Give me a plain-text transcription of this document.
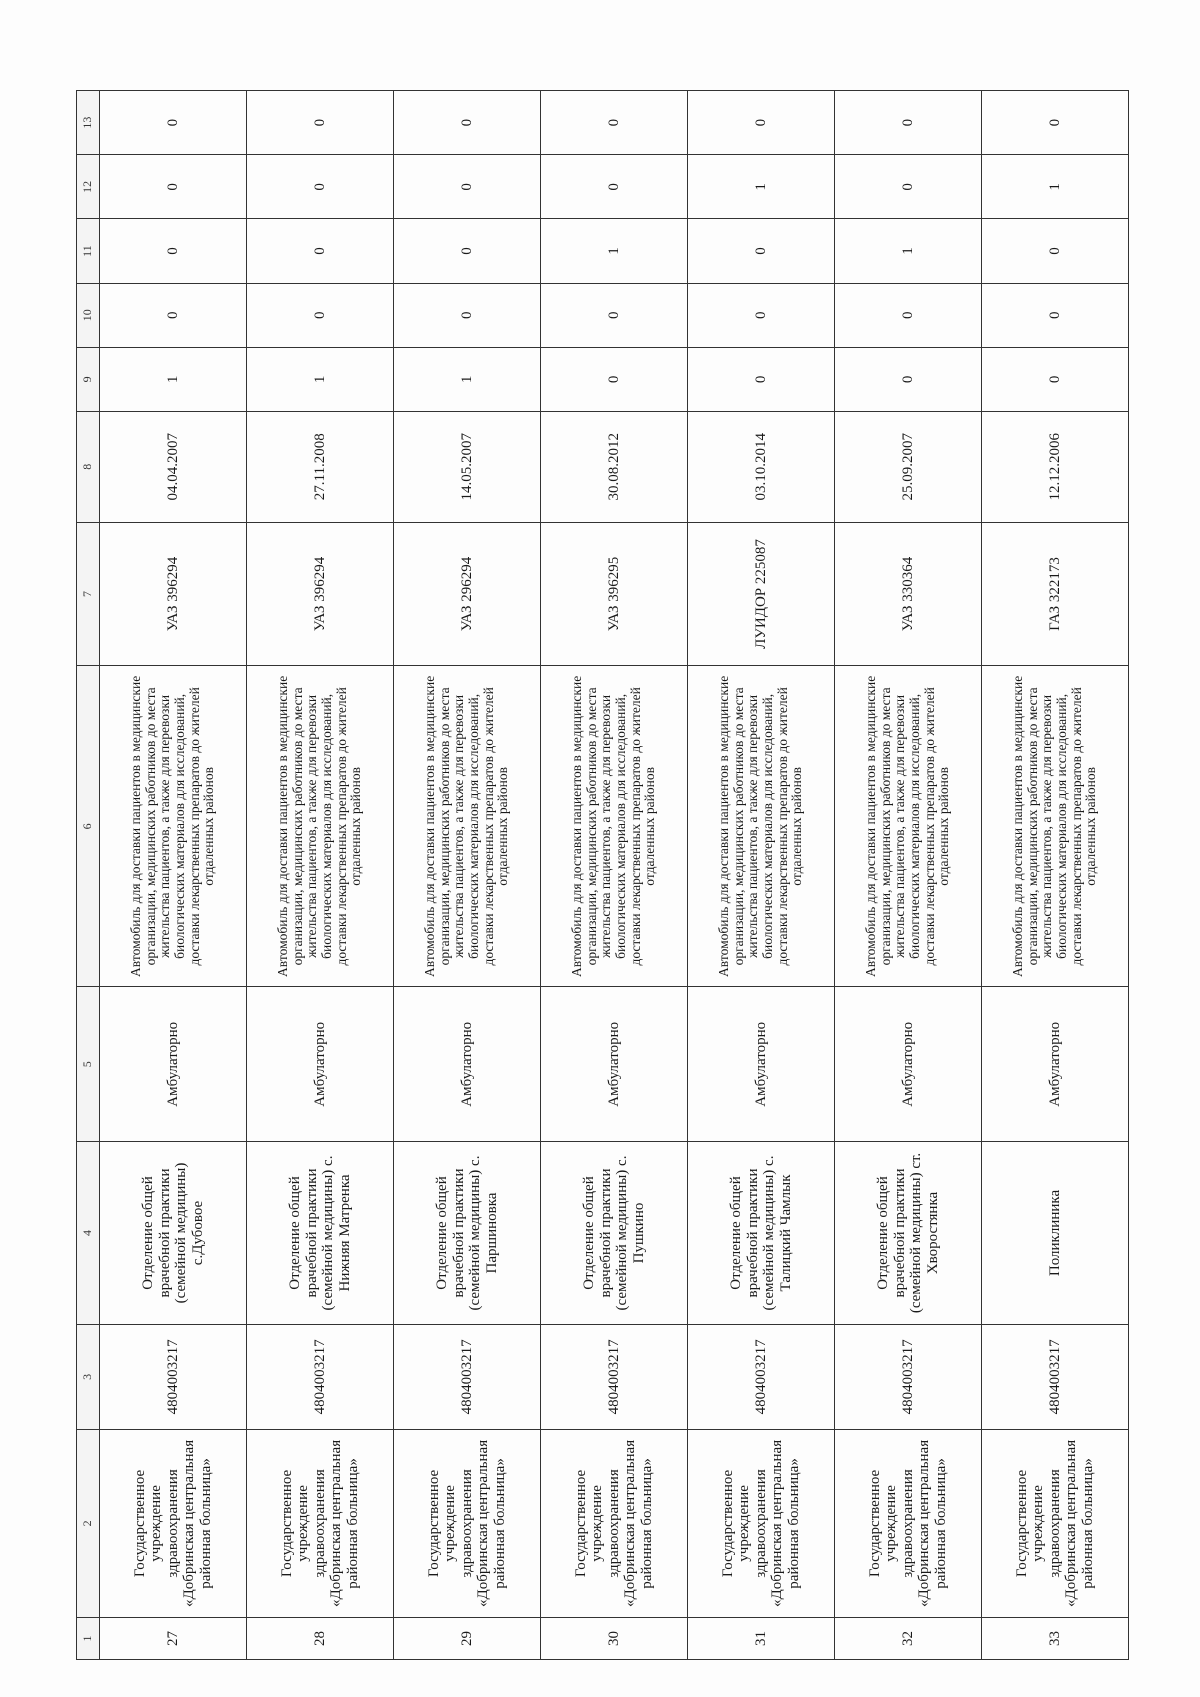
1	2	3	4	5	6	7	8	9	10	11	12	13
27	Государственное учреждение здравоохранения «Добринская центральная районная больница»	4804003217	Отделение общей врачебной практики (семейной медицины) с.Дубовое	Амбулаторно	Автомобиль для доставки пациентов в медицинские организации, медицинских работников до места жительства пациентов, а также для перевозки биологических материалов для исследований, доставки лекарственных препаратов до жителей отдаленных районов	УАЗ 396294	04.04.2007	1	0	0	0	0
28	Государственное учреждение здравоохранения «Добринская центральная районная больница»	4804003217	Отделение общей врачебной практики (семейной медицины) с. Нижняя Матренка	Амбулаторно	Автомобиль для доставки пациентов в медицинские организации, медицинских работников до места жительства пациентов, а также для перевозки биологических материалов для исследований, доставки лекарственных препаратов до жителей отдаленных районов	УАЗ 396294	27.11.2008	1	0	0	0	0
29	Государственное учреждение здравоохранения «Добринская центральная районная больница»	4804003217	Отделение общей врачебной практики (семейной медицины) с. Паршиновка	Амбулаторно	Автомобиль для доставки пациентов в медицинские организации, медицинских работников до места жительства пациентов, а также для перевозки биологических материалов для исследований, доставки лекарственных препаратов до жителей отдаленных районов	УАЗ 296294	14.05.2007	1	0	0	0	0
30	Государственное учреждение здравоохранения «Добринская центральная районная больница»	4804003217	Отделение общей врачебной практики (семейной медицины) с. Пушкино	Амбулаторно	Автомобиль для доставки пациентов в медицинские организации, медицинских работников до места жительства пациентов, а также для перевозки биологических материалов для исследований, доставки лекарственных препаратов до жителей отдаленных районов	УАЗ 396295	30.08.2012	0	0	1	0	0
31	Государственное учреждение здравоохранения «Добринская центральная районная больница»	4804003217	Отделение общей врачебной практики (семейной медицины) с. Талицкий Чамлык	Амбулаторно	Автомобиль для доставки пациентов в медицинские организации, медицинских работников до места жительства пациентов, а также для перевозки биологических материалов для исследований, доставки лекарственных препаратов до жителей отдаленных районов	ЛУИДОР 225087	03.10.2014	0	0	0	1	0
32	Государственное учреждение здравоохранения «Добринская центральная районная больница»	4804003217	Отделение общей врачебной практики (семейной медицины) ст. Хворостянка	Амбулаторно	Автомобиль для доставки пациентов в медицинские организации, медицинских работников до места жительства пациентов, а также для перевозки биологических материалов для исследований, доставки лекарственных препаратов до жителей отдаленных районов	УАЗ 330364	25.09.2007	0	0	1	0	0
33	Государственное учреждение здравоохранения «Добринская центральная районная больница»	4804003217	Поликлиника	Амбулаторно	Автомобиль для доставки пациентов в медицинские организации, медицинских работников до места жительства пациентов, а также для перевозки биологических материалов для исследований, доставки лекарственных препаратов до жителей отдаленных районов	ГАЗ 322173	12.12.2006	0	0	0	1	0
